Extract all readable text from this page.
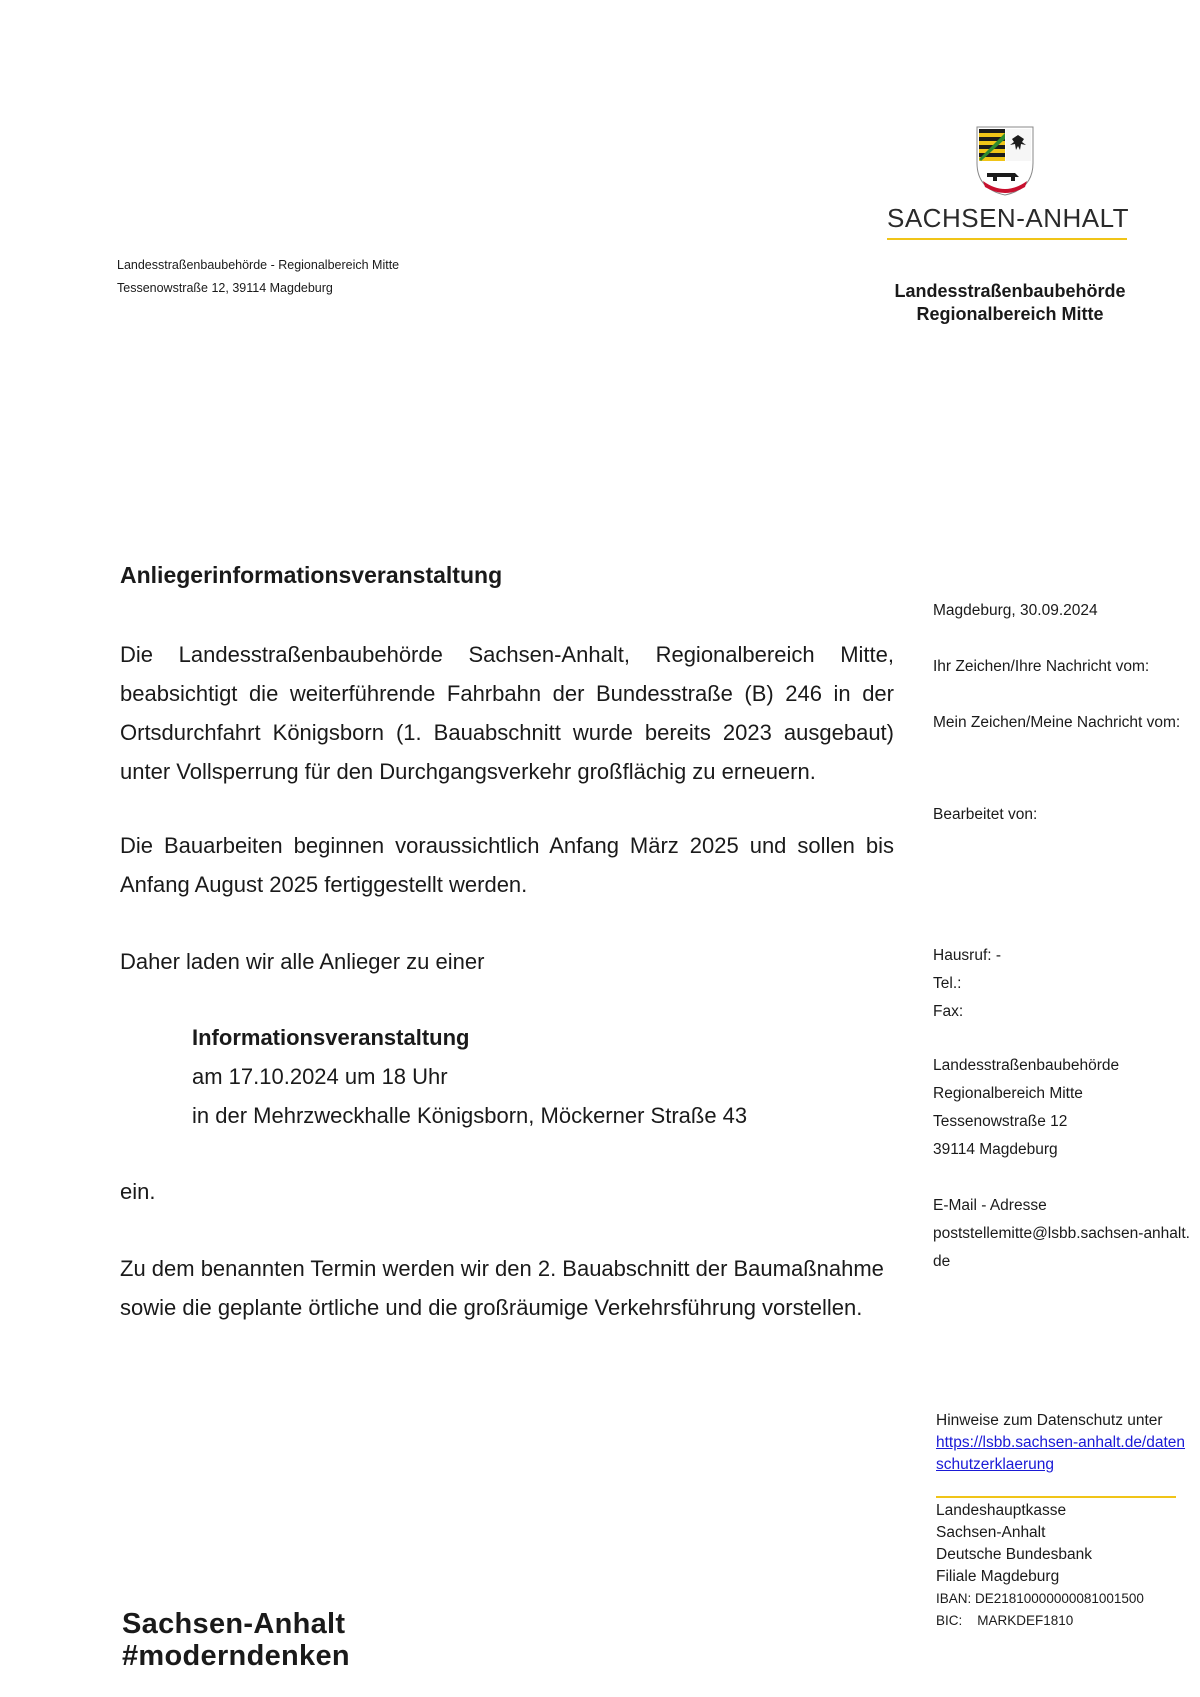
Landesstraßenbaubehörde - Regionalbereich Mitte
Tessenowstraße 12, 39114 Magdeburg
SACHSEN-ANHALT
Landesstraßenbaubehörde
Regionalbereich Mitte
Anliegerinformationsveranstaltung
Die Landesstraßenbaubehörde Sachsen-Anhalt, Regionalbereich Mitte, beabsichtigt die weiterführende Fahrbahn der Bundesstraße (B) 246 in der Ortsdurchfahrt Königsborn (1. Bauabschnitt wurde bereits 2023 ausgebaut) unter Vollsperrung für den Durchgangsverkehr großflächig zu erneuern.
Die Bauarbeiten beginnen voraussichtlich Anfang März 2025 und sollen bis Anfang August 2025 fertiggestellt werden.
Daher laden wir alle Anlieger zu einer
Informationsveranstaltung
am 17.10.2024 um 18 Uhr
in der Mehrzweckhalle Königsborn, Möckerner Straße 43
ein.
Zu dem benannten Termin werden wir den 2. Bauabschnitt der Baumaßnahme sowie die geplante örtliche und die großräumige Verkehrsführung vorstellen.
Magdeburg, 30.09.2024
Ihr Zeichen/Ihre Nachricht vom:
Mein Zeichen/Meine Nachricht vom:
Bearbeitet von:
Hausruf: -
Tel.:
Fax:
Landesstraßenbaubehörde
Regionalbereich Mitte
Tessenowstraße 12
39114 Magdeburg
E-Mail - Adresse
poststellemitte@lsbb.sachsen-anhalt.de
Hinweise zum Datenschutz unter
https://lsbb.sachsen-anhalt.de/datenschutzerklaerung
Landeshauptkasse
Sachsen-Anhalt
Deutsche Bundesbank
Filiale Magdeburg
IBAN: DE21810000000081001500
BIC:    MARKDEF1810
Sachsen-Anhalt
#moderndenken
